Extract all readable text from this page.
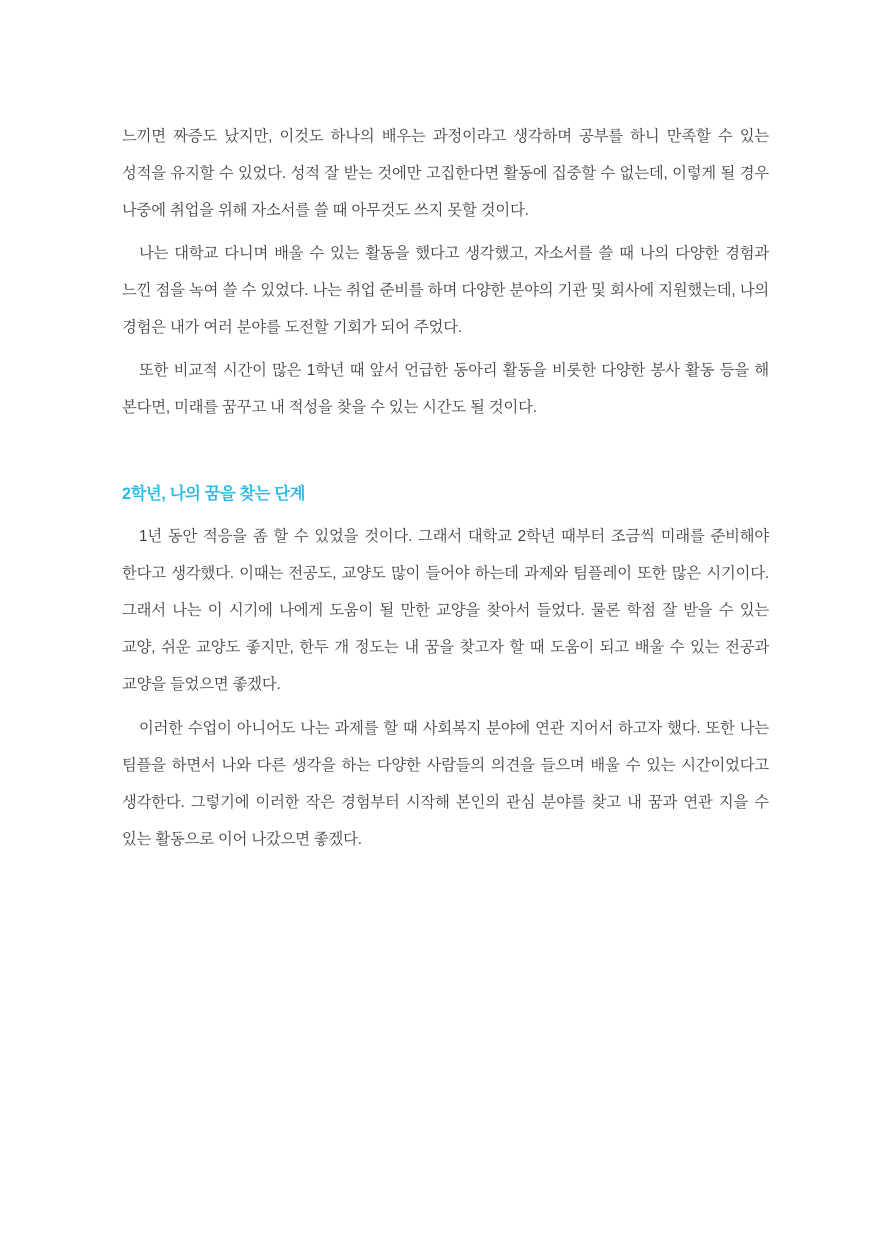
느끼면 짜증도 났지만, 이것도 하나의 배우는 과정이라고 생각하며 공부를 하니 만족할 수 있는 성적을 유지할 수 있었다. 성적 잘 받는 것에만 고집한다면 활동에 집중할 수 없는데, 이렇게 될 경우 나중에 취업을 위해 자소서를 쓸 때 아무것도 쓰지 못할 것이다.

나는 대학교 다니며 배울 수 있는 활동을 했다고 생각했고, 자소서를 쓸 때 나의 다양한 경험과 느낀 점을 녹여 쓸 수 있었다. 나는 취업 준비를 하며 다양한 분야의 기관 및 회사에 지원했는데, 나의 경험은 내가 여러 분야를 도전할 기회가 되어 주었다.

또한 비교적 시간이 많은 1학년 때 앞서 언급한 동아리 활동을 비롯한 다양한 봉사 활동 등을 해 본다면, 미래를 꿈꾸고 내 적성을 찾을 수 있는 시간도 될 것이다.

2학년, 나의 꿈을 찾는 단계

1년 동안 적응을 좀 할 수 있었을 것이다. 그래서 대학교 2학년 때부터 조금씩 미래를 준비해야 한다고 생각했다. 이때는 전공도, 교양도 많이 들어야 하는데 과제와 팀플레이 또한 많은 시기이다. 그래서 나는 이 시기에 나에게 도움이 될 만한 교양을 찾아서 들었다. 물론 학점 잘 받을 수 있는 교양, 쉬운 교양도 좋지만, 한두 개 정도는 내 꿈을 찾고자 할 때 도움이 되고 배울 수 있는 전공과 교양을 들었으면 좋겠다.

이러한 수업이 아니어도 나는 과제를 할 때 사회복지 분야에 연관 지어서 하고자 했다. 또한 나는 팀플을 하면서 나와 다른 생각을 하는 다양한 사람들의 의견을 들으며 배울 수 있는 시간이었다고 생각한다. 그렇기에 이러한 작은 경험부터 시작해 본인의 관심 분야를 찾고 내 꿈과 연관 지을 수 있는 활동으로 이어 나갔으면 좋겠다.
